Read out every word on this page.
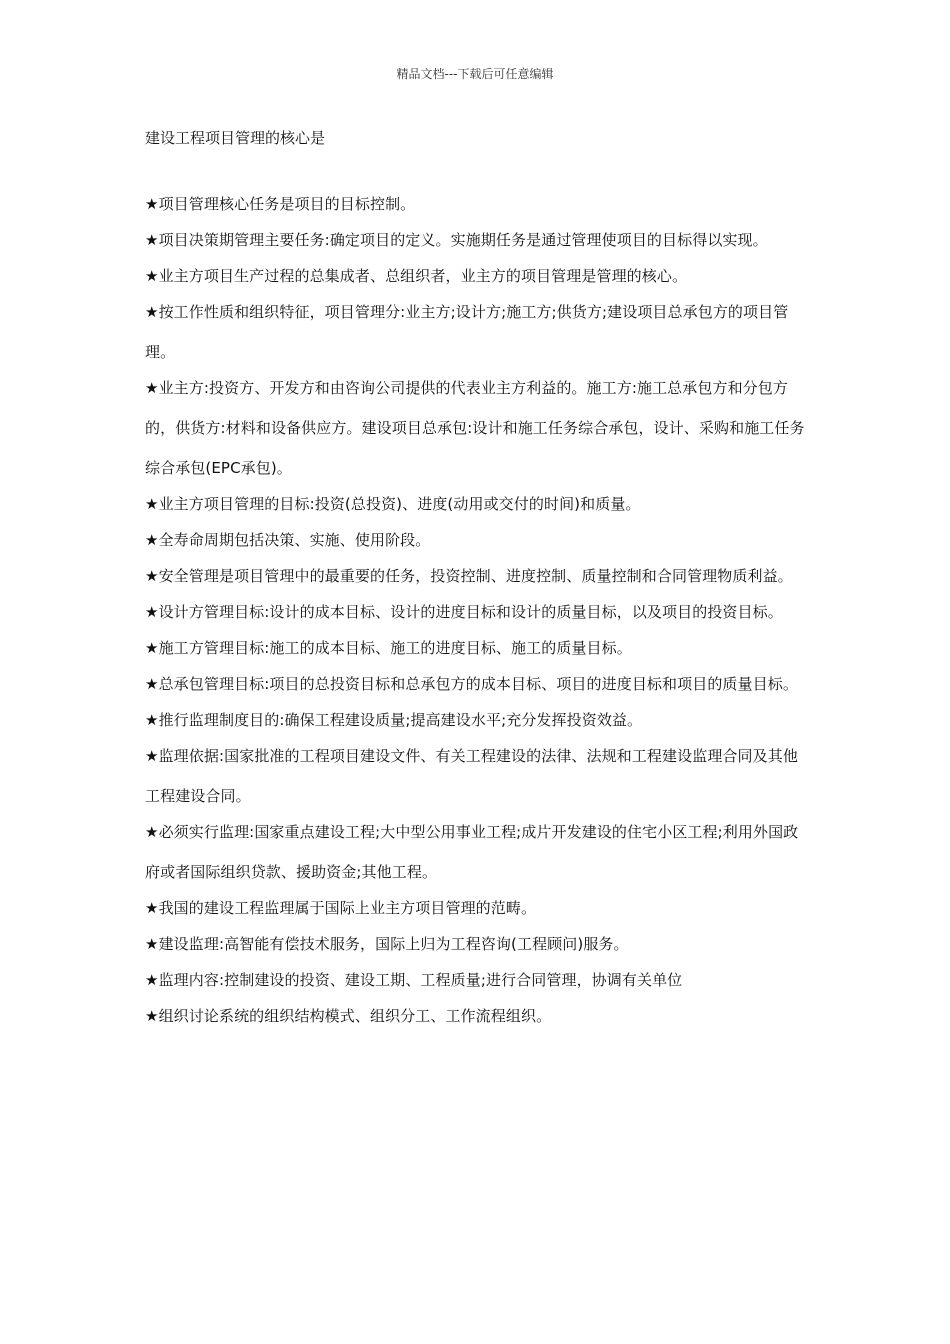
精品文档---下载后可任意编辑
建设工程项目管理的核心是
★项目管理核心任务是项目的目标控制。
★项目决策期管理主要任务:确定项目的定义。实施期任务是通过管理使项目的目标得以实现。
★业主方项目生产过程的总集成者、总组织者，业主方的项目管理是管理的核心。
★按工作性质和组织特征，项目管理分:业主方;设计方;施工方;供货方;建设项目总承包方的项目管理。
★业主方:投资方、开发方和由咨询公司提供的代表业主方利益的。施工方:施工总承包方和分包方的，供货方:材料和设备供应方。建设项目总承包:设计和施工任务综合承包，设计、采购和施工任务综合承包(EPC承包)。
★业主方项目管理的目标:投资(总投资)、进度(动用或交付的时间)和质量。
★全寿命周期包括决策、实施、使用阶段。
★安全管理是项目管理中的最重要的任务，投资控制、进度控制、质量控制和合同管理物质利益。
★设计方管理目标:设计的成本目标、设计的进度目标和设计的质量目标，以及项目的投资目标。
★施工方管理目标:施工的成本目标、施工的进度目标、施工的质量目标。
★总承包管理目标:项目的总投资目标和总承包方的成本目标、项目的进度目标和项目的质量目标。
★推行监理制度目的:确保工程建设质量;提高建设水平;充分发挥投资效益。
★监理依据:国家批准的工程项目建设文件、有关工程建设的法律、法规和工程建设监理合同及其他工程建设合同。
★必须实行监理:国家重点建设工程;大中型公用事业工程;成片开发建设的住宅小区工程;利用外国政府或者国际组织贷款、援助资金;其他工程。
★我国的建设工程监理属于国际上业主方项目管理的范畴。
★建设监理:高智能有偿技术服务，国际上归为工程咨询(工程顾问)服务。
★监理内容:控制建设的投资、建设工期、工程质量;进行合同管理，协调有关单位
★组织讨论系统的组织结构模式、组织分工、工作流程组织。
